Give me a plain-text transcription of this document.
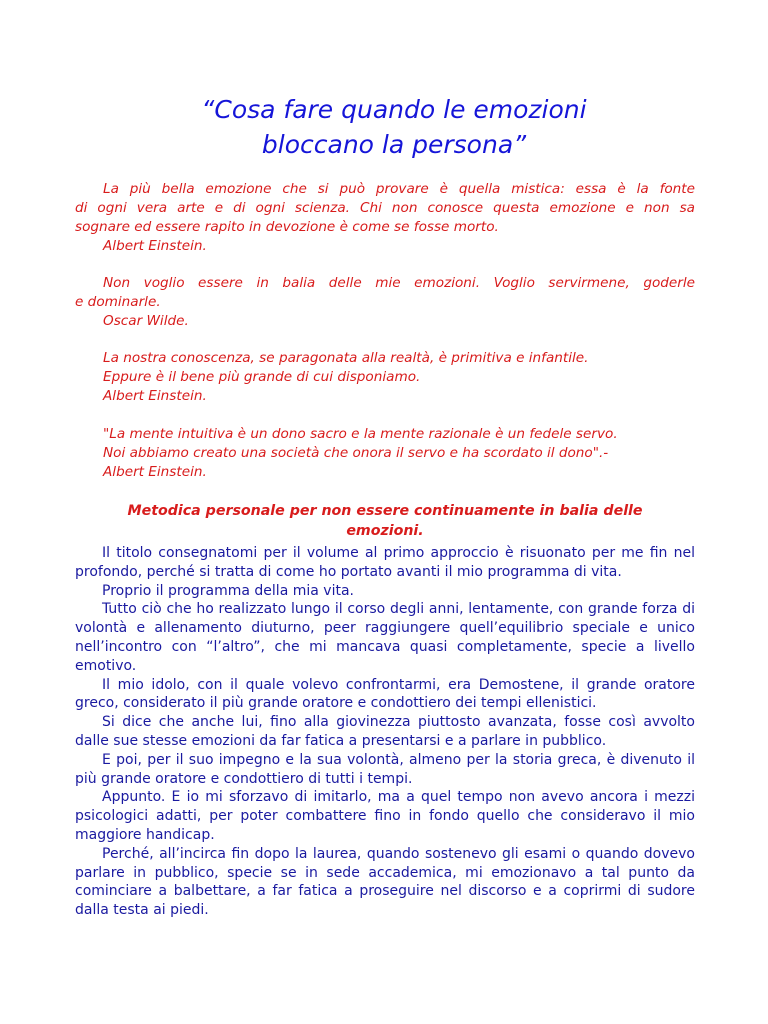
“Cosa fare quando le emozioni
bloccano la persona”
La più bella emozione che si può provare è quella mistica: essa è la fonte
di ogni vera arte e di ogni scienza. Chi non conosce questa emozione e non sa
sognare ed essere rapito in devozione è come se fosse morto.
Albert Einstein.
Non voglio essere in balia delle mie emozioni. Voglio servirmene, goderle
e dominarle.
Oscar Wilde.
La nostra conoscenza, se paragonata alla realtà, è primitiva e infantile.
Eppure è il bene più grande di cui disponiamo.
Albert Einstein.
"La mente intuitiva è un dono sacro e la mente razionale è un fedele servo.
Noi abbiamo creato una società che onora il servo e ha scordato il dono".-
Albert Einstein.
Metodica personale per non essere continuamente in balia delle
emozioni.

Il titolo consegnatomi per il volume al primo approccio è risuonato per me fin nel profondo, perché si tratta di come ho portato avanti il mio programma di vita.

Proprio il programma della mia vita.

Tutto ciò che ho realizzato lungo il corso degli anni, lentamente, con grande forza di volontà e allenamento diuturno, peer raggiungere quell’equilibrio speciale e unico nell’incontro con “l’altro”, che mi mancava quasi completamente, specie a livello emotivo.

Il mio idolo, con il quale volevo confrontarmi, era Demostene, il grande oratore greco, considerato il più grande oratore e condottiero dei tempi ellenistici.

Si dice che anche lui, fino alla giovinezza piuttosto avanzata, fosse così avvolto dalle sue stesse emozioni da far fatica a presentarsi e a parlare in pubblico.

E poi, per il suo impegno e la sua volontà, almeno per la storia greca, è divenuto il più grande oratore e condottiero di tutti i tempi.

Appunto. E io mi sforzavo di imitarlo, ma a quel tempo non avevo ancora i mezzi psicologici adatti, per poter combattere fino in fondo quello che consideravo il mio maggiore handicap.

Perché, all’incirca fin dopo la laurea, quando sostenevo gli esami o quando dovevo parlare in pubblico, specie se in sede accademica, mi emozionavo a tal punto da cominciare a balbettare, a far fatica a proseguire nel discorso e a coprirmi di sudore dalla testa ai piedi.
